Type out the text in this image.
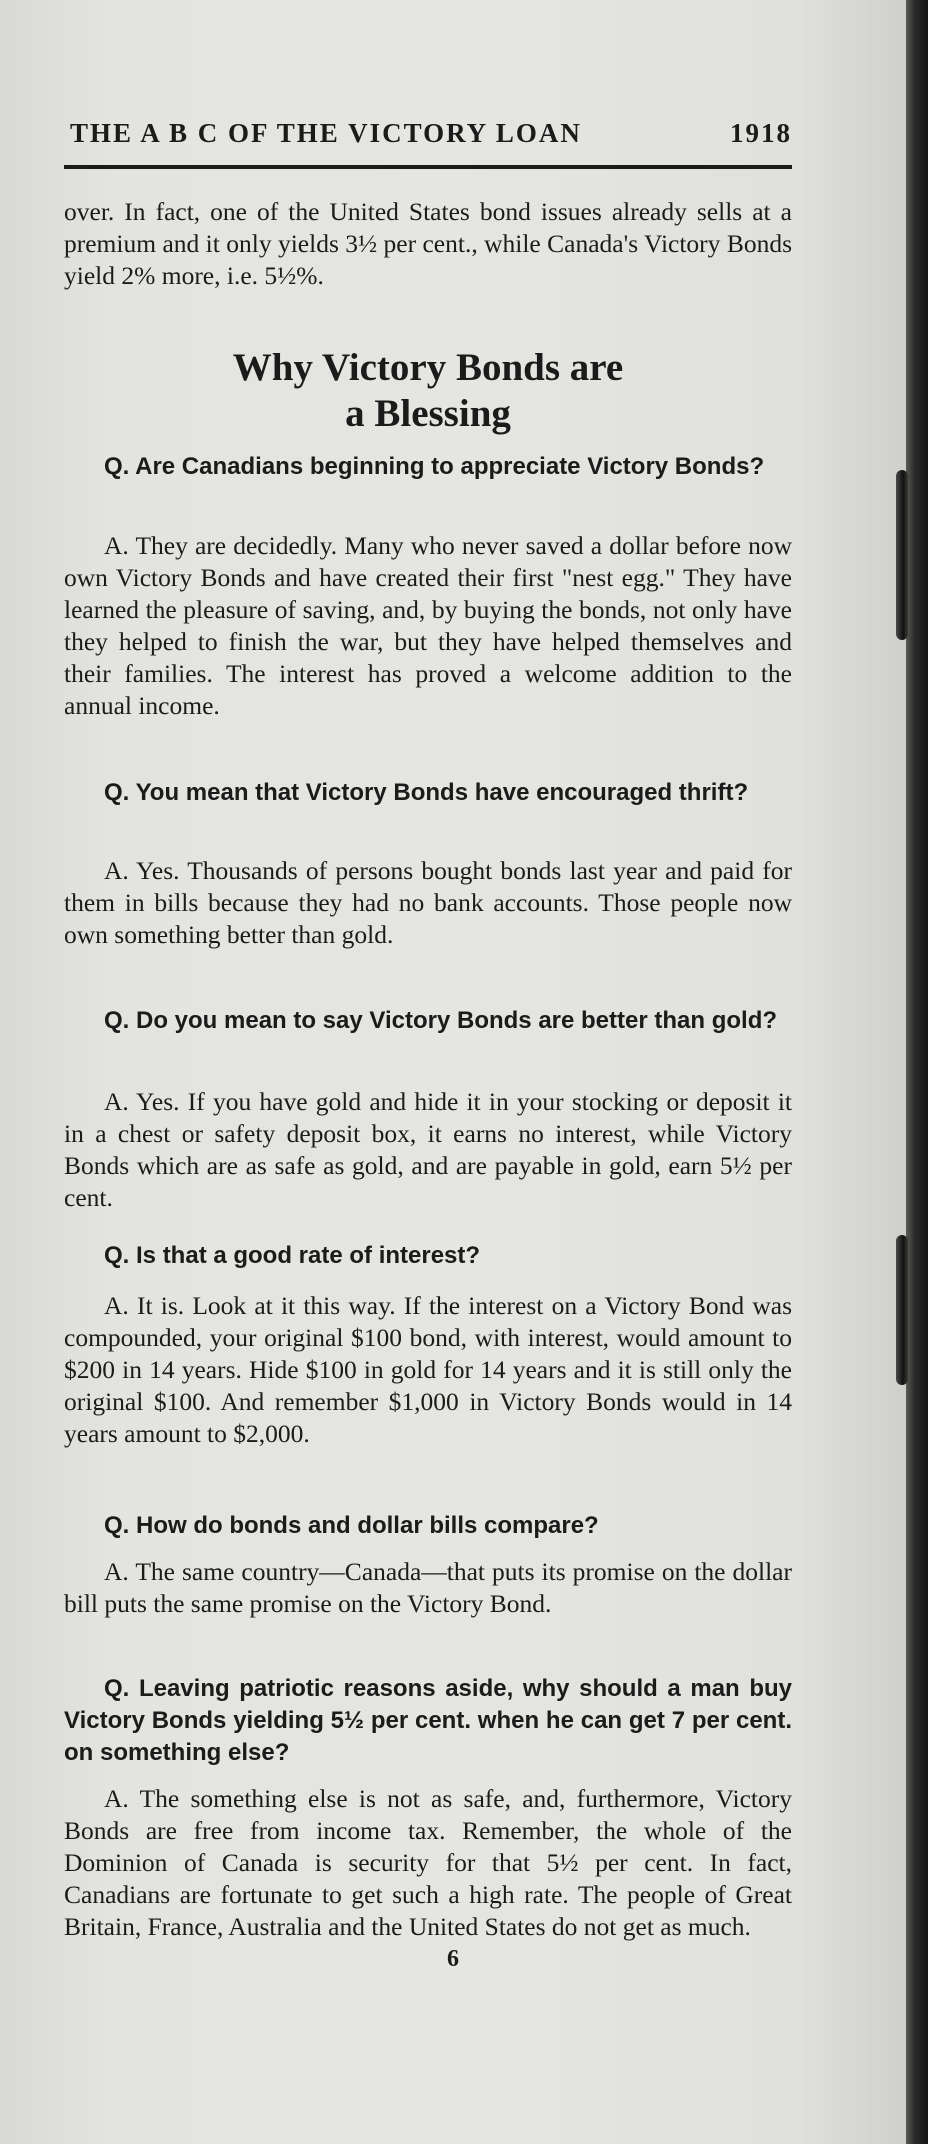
THE A B C OF THE VICTORY LOAN	1918

over. In fact, one of the United States bond issues already sells at a premium and it only yields 3½ per cent., while Canada's Victory Bonds yield 2% more, i.e. 5½%.

Why Victory Bonds are
a Blessing

Q. Are Canadians beginning to appreciate Victory Bonds?

A. They are decidedly. Many who never saved a dollar before now own Victory Bonds and have created their first "nest egg." They have learned the pleasure of saving, and, by buying the bonds, not only have they helped to finish the war, but they have helped themselves and their families. The interest has proved a welcome addition to the annual income.

Q. You mean that Victory Bonds have encouraged thrift?

A. Yes. Thousands of persons bought bonds last year and paid for them in bills because they had no bank accounts. Those people now own something better than gold.

Q. Do you mean to say Victory Bonds are better than gold?

A. Yes. If you have gold and hide it in your stocking or deposit it in a chest or safety deposit box, it earns no interest, while Victory Bonds which are as safe as gold, and are payable in gold, earn 5½ per cent.

Q. Is that a good rate of interest?

A. It is. Look at it this way. If the interest on a Victory Bond was compounded, your original $100 bond, with interest, would amount to $200 in 14 years. Hide $100 in gold for 14 years and it is still only the original $100. And remember $1,000 in Victory Bonds would in 14 years amount to $2,000.

Q. How do bonds and dollar bills compare?

A. The same country—Canada—that puts its promise on the dollar bill puts the same promise on the Victory Bond.

Q. Leaving patriotic reasons aside, why should a man buy Victory Bonds yielding 5½ per cent. when he can get 7 per cent. on something else?

A. The something else is not as safe, and, furthermore, Victory Bonds are free from income tax. Remember, the whole of the Dominion of Canada is security for that 5½ per cent. In fact, Canadians are fortunate to get such a high rate. The people of Great Britain, France, Australia and the United States do not get as much.

6
